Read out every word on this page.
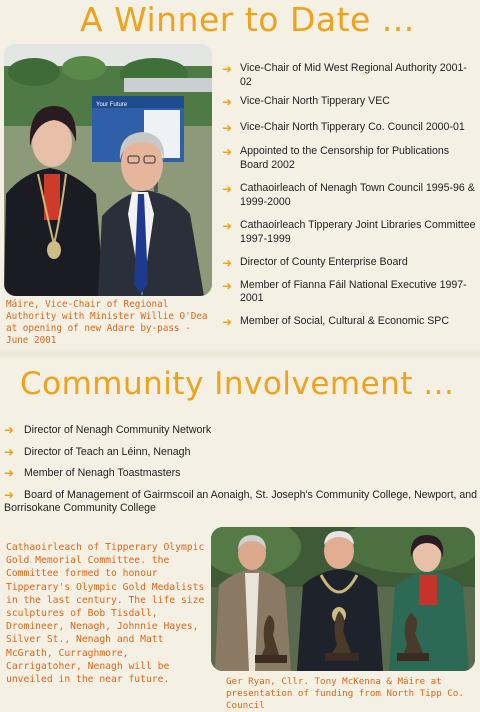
A Winner to Date ...
Your Future

Máire, Vice-Chair of Regional Authority with Minister Willie O'Dea at opening of new Adare by-pass - June 2001

➜ Vice-Chair of Mid West Regional Authority 2001-02
➜ Vice-Chair North Tipperary VEC
➜ Vice-Chair North Tipperary Co. Council 2000-01
➜ Appointed to the Censorship for Publications Board 2002
➜ Cathaoirleach of Nenagh Town Council 1995-96 & 1999-2000
➜ Cathaoirleach Tipperary Joint Libraries Committee 1997-1999
➜ Director of County Enterprise Board
➜ Member of Fianna Fáil National Executive 1997-2001
➜ Member of Social, Cultural & Economic SPC
Community Involvement ...
➜ Director of Nenagh Community Network
➜ Director of Teach an Léinn, Nenagh
➜ Member of Nenagh Toastmasters
➜ Board of Management of Gairmscoil an Aonaigh, St. Joseph's Community College, Newport, and Borrisokane Community College

Cathaoirleach of Tipperary Olympic Gold Memorial Committee. the Committee formed to honour Tipperary's Olympic Gold Medalists in the last century. The life size sculptures of Bob Tisdall, Dromineer, Nenagh, Johnnie Hayes, Silver St., Nenagh and Matt McGrath, Curraghmore, Carrigatoher, Nenagh will be unveiled in the near future.	Ger Ryan, Cllr. Tony McKenna & Máire at presentation of funding from North Tipp Co. Council
